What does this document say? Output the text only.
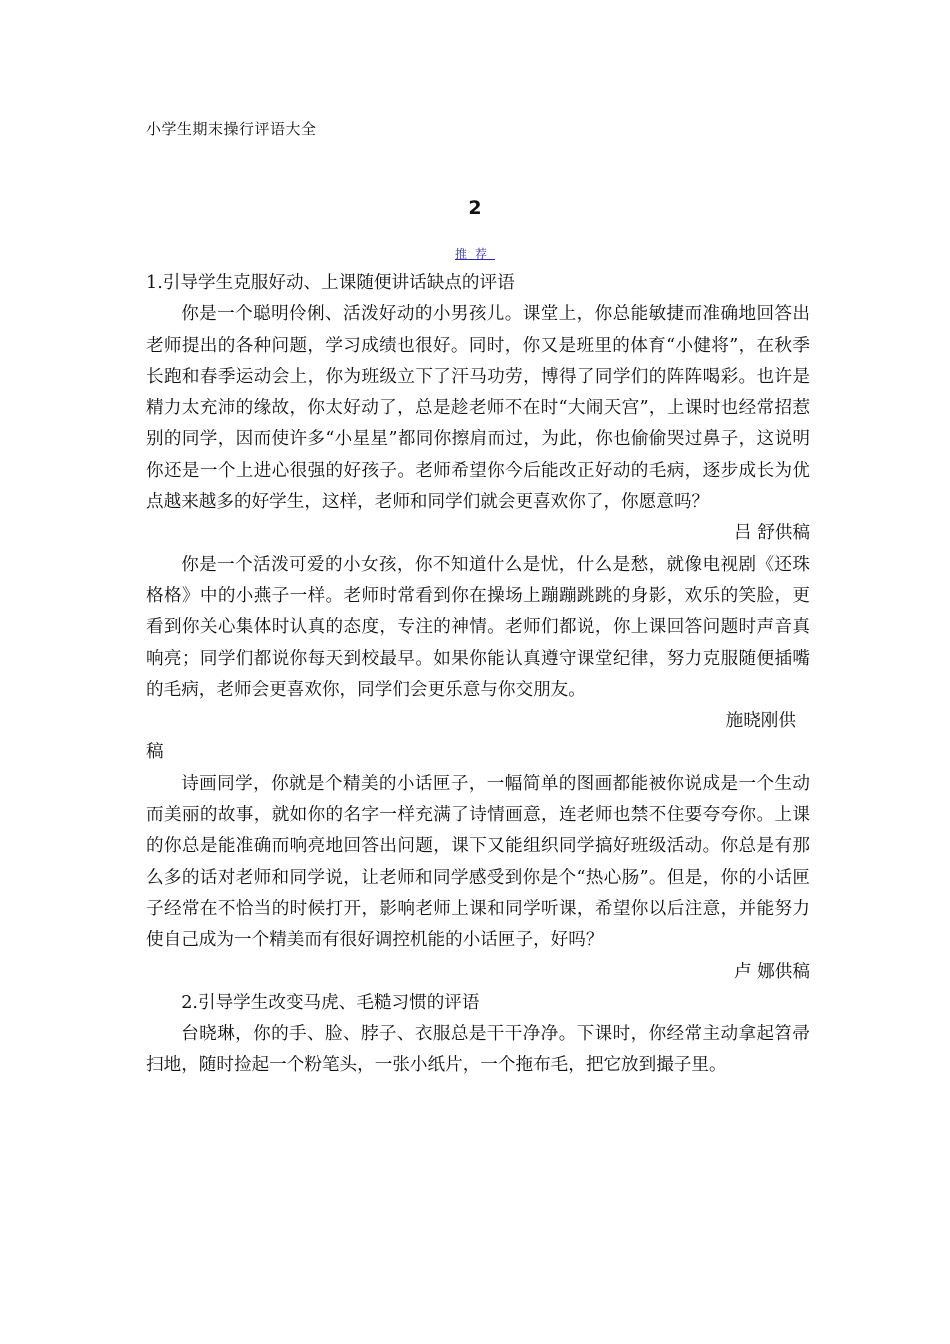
小学生期末操行评语大全
2
推荐

1.引导学生克服好动、上课随便讲话缺点的评语

你是一个聪明伶俐、活泼好动的小男孩儿。课堂上，你总能敏捷而准确地回答出老师提出的各种问题，学习成绩也很好。同时，你又是班里的体育“小健将”，在秋季长跑和春季运动会上，你为班级立下了汗马功劳，博得了同学们的阵阵喝彩。也许是精力太充沛的缘故，你太好动了，总是趁老师不在时“大闹天宫”，上课时也经常招惹别的同学，因而使许多“小星星”都同你擦肩而过，为此，你也偷偷哭过鼻子，这说明你还是一个上进心很强的好孩子。老师希望你今后能改正好动的毛病，逐步成长为优点越来越多的好学生，这样，老师和同学们就会更喜欢你了，你愿意吗？

吕 舒供稿

你是一个活泼可爱的小女孩，你不知道什么是忧，什么是愁，就像电视剧《还珠格格》中的小燕子一样。老师时常看到你在操场上蹦蹦跳跳的身影，欢乐的笑脸，更看到你关心集体时认真的态度，专注的神情。老师们都说，你上课回答问题时声音真响亮；同学们都说你每天到校最早。如果你能认真遵守课堂纪律，努力克服随便插嘴的毛病，老师会更喜欢你，同学们会更乐意与你交朋友。

施晓刚供

稿

诗画同学，你就是个精美的小话匣子，一幅简单的图画都能被你说成是一个生动而美丽的故事，就如你的名字一样充满了诗情画意，连老师也禁不住要夸夸你。上课的你总是能准确而响亮地回答出问题，课下又能组织同学搞好班级活动。你总是有那么多的话对老师和同学说，让老师和同学感受到你是个“热心肠”。但是，你的小话匣子经常在不恰当的时候打开，影响老师上课和同学听课，希望你以后注意，并能努力使自己成为一个精美而有很好调控机能的小话匣子，好吗？

卢 娜供稿

2.引导学生改变马虎、毛糙习惯的评语

台晓琳，你的手、脸、脖子、衣服总是干干净净。下课时，你经常主动拿起笤帚扫地，随时捡起一个粉笔头，一张小纸片，一个拖布毛，把它放到撮子里。
